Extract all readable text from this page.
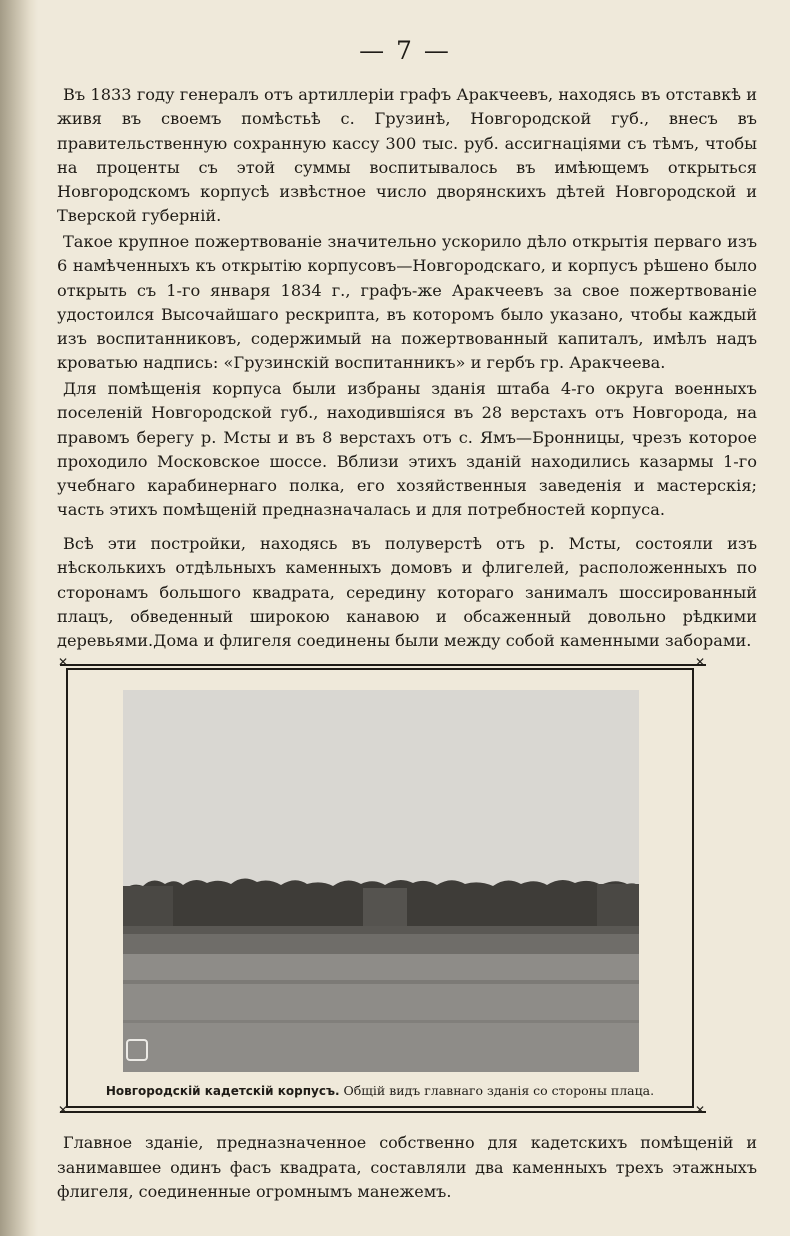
— 7 —

Въ 1833 году генералъ отъ артиллеріи графъ Аракчеевъ, находясь въ отставкѣ и живя въ своемъ помѣстьѣ с. Грузинѣ, Новгородской губ., внесъ въ правительственную сохранную кассу 300 тыс. руб. ассигнаціями съ тѣмъ, чтобы на проценты съ этой суммы воспитывалось въ имѣющемъ открыться Новгородскомъ корпусѣ извѣстное число дворянскихъ дѣтей Новгородской и Тверской губерній.

Такое крупное пожертвованіе значительно ускорило дѣло открытія перваго изъ 6 намѣченныхъ къ открытію корпусовъ—Новгородскаго, и корпусъ рѣшено было открыть съ 1-го января 1834 г., графъ-же Аракчеевъ за свое пожертвованіе удостоился Высочайшаго рескрипта, въ которомъ было указано, чтобы каждый изъ воспитанниковъ, содержимый на пожертвованный капиталъ, имѣлъ надъ кроватью надпись: «Грузинскій воспитанникъ» и гербъ гр. Аракчеева.

Для помѣщенія корпуса были избраны зданія штаба 4-го округа военныхъ поселеній Новгородской губ., находившіяся въ 28 верстахъ отъ Новгорода, на правомъ берегу р. Мсты и въ 8 верстахъ отъ с. Ямъ—Бронницы, чрезъ которое проходило Московское шоссе. Вблизи этихъ зданій находились казармы 1-го учебнаго карабинернаго полка, его хозяйственныя заведенія и мастерскія; часть этихъ помѣщеній предназначалась и для потребностей корпуса.

Всѣ эти постройки, находясь въ полуверстѣ отъ р. Мсты, состояли изъ нѣсколькихъ отдѣльныхъ каменныхъ домовъ и флигелей, расположенныхъ по сторонамъ большого квадрата, середину котораго занималъ шоссированный плацъ, обведенный широкою канавою и обсаженный довольно рѣдкими деревьями.Дома и флигеля соединены были между собой каменными заборами.

✕	✕
Новгородскій кадетскій корпусъ. Общій видъ главнаго зданія со стороны плаца.
✕	✕

Главное зданіе, предназначенное собственно для кадетскихъ помѣщеній и занимавшее одинъ фасъ квадрата, составляли два каменныхъ трехъ этажныхъ флигеля, соединенные огромнымъ манежемъ.
